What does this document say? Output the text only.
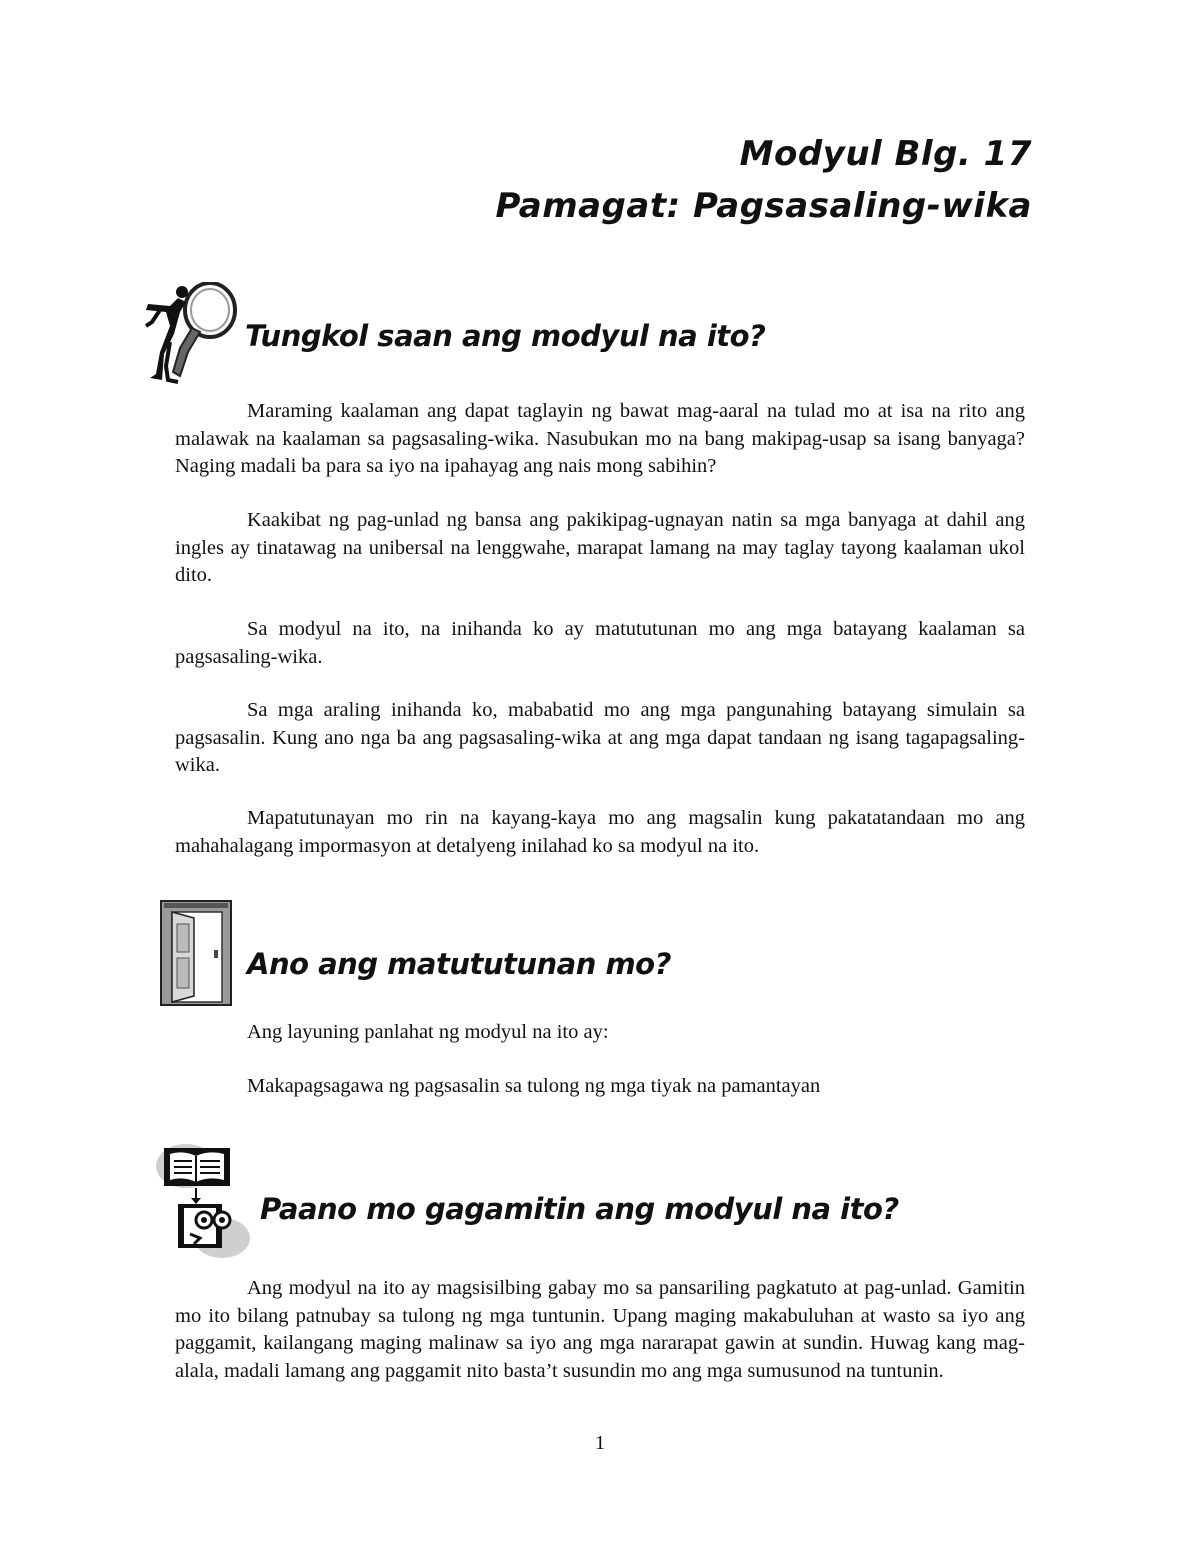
Modyul Blg. 17
Pamagat: Pagsasaling-wika
Tungkol saan ang modyul na ito?

Maraming kaalaman ang dapat taglayin ng bawat mag-aaral na tulad mo at isa na rito ang malawak na kaalaman sa pagsasaling-wika. Nasubukan mo na bang makipag-usap sa isang banyaga? Naging madali ba para sa iyo na ipahayag ang nais mong sabihin?

Kaakibat ng pag-unlad ng bansa ang pakikipag-ugnayan natin sa mga banyaga at dahil ang ingles ay tinatawag na unibersal na lenggwahe, marapat lamang na may taglay tayong kaalaman ukol dito.

Sa modyul na ito, na inihanda ko ay matututunan mo ang mga batayang kaalaman sa pagsasaling-wika.

Sa mga araling inihanda ko, mababatid mo ang mga pangunahing batayang simulain sa pagsasalin. Kung ano nga ba ang pagsasaling-wika at ang mga dapat tandaan ng isang tagapagsaling-wika.

Mapatutunayan mo rin na kayang-kaya mo ang magsalin kung pakatatandaan mo ang mahahalagang impormasyon at detalyeng inilahad ko sa modyul na ito.

Ano ang matututunan mo?

Ang layuning panlahat ng modyul na ito ay:

Makapagsagawa ng pagsasalin sa tulong ng mga tiyak na pamantayan

Paano mo gagamitin ang modyul na ito?

Ang modyul na ito ay magsisilbing gabay mo sa pansariling pagkatuto at pag-unlad. Gamitin mo ito bilang patnubay sa tulong ng mga tuntunin. Upang maging makabuluhan at wasto sa iyo ang paggamit, kailangang maging malinaw sa iyo ang mga nararapat gawin at sundin. Huwag kang mag-alala, madali lamang ang paggamit nito basta’t susundin mo ang mga sumusunod na tuntunin.

1
